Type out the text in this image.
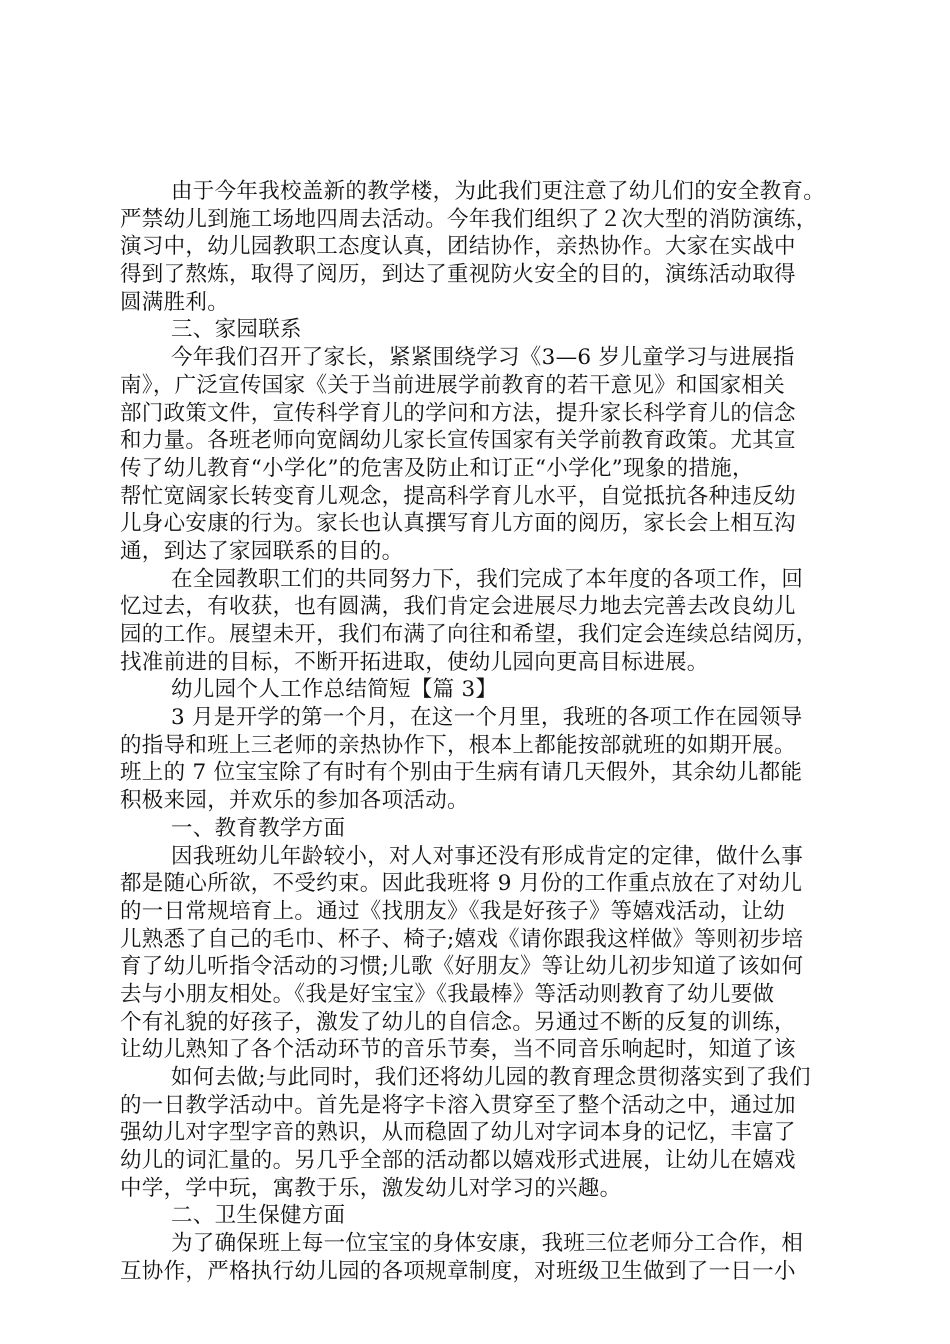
由于今年我校盖新的教学楼，为此我们更注意了幼儿们的安全教育。
严禁幼儿到施工场地四周去活动。今年我们组织了２次大型的消防演练，
演习中，幼儿园教职工态度认真，团结协作，亲热协作。大家在实战中
得到了熬炼，取得了阅历，到达了重视防火安全的目的，演练活动取得
圆满胜利。
三、家园联系
今年我们召开了家长，紧紧围绕学习《3—6 岁儿童学习与进展指
南》，广泛宣传国家《关于当前进展学前教育的若干意见》和国家相关
部门政策文件，宣传科学育儿的学问和方法，提升家长科学育儿的信念
和力量。各班老师向宽阔幼儿家长宣传国家有关学前教育政策。尤其宣
传了幼儿教育“小学化”的危害及防止和订正“小学化”现象的措施，
帮忙宽阔家长转变育儿观念，提高科学育儿水平，自觉抵抗各种违反幼
儿身心安康的行为。家长也认真撰写育儿方面的阅历，家长会上相互沟
通，到达了家园联系的目的。
在全园教职工们的共同努力下，我们完成了本年度的各项工作，回
忆过去，有收获，也有圆满，我们肯定会进展尽力地去完善去改良幼儿
园的工作。展望未开，我们布满了向往和希望，我们定会连续总结阅历，
找准前进的目标，不断开拓进取，使幼儿园向更高目标进展。
幼儿园个人工作总结简短【篇 3】
3 月是开学的第一个月，在这一个月里，我班的各项工作在园领导
的指导和班上三老师的亲热协作下，根本上都能按部就班的如期开展。
班上的 7 位宝宝除了有时有个别由于生病有请几天假外，其余幼儿都能
积极来园，并欢乐的参加各项活动。
一、教育教学方面
因我班幼儿年龄较小，对人对事还没有形成肯定的定律，做什么事
都是随心所欲，不受约束。因此我班将 9 月份的工作重点放在了对幼儿
的一日常规培育上。通过《找朋友》《我是好孩子》等嬉戏活动，让幼
儿熟悉了自己的毛巾、杯子、椅子;嬉戏《请你跟我这样做》等则初步培
育了幼儿听指令活动的习惯;儿歌《好朋友》等让幼儿初步知道了该如何
去与小朋友相处。《我是好宝宝》《我最棒》等活动则教育了幼儿要做
个有礼貌的好孩子，激发了幼儿的自信念。另通过不断的反复的训练，
让幼儿熟知了各个活动环节的音乐节奏，当不同音乐响起时，知道了该
如何去做;与此同时，我们还将幼儿园的教育理念贯彻落实到了我们
的一日教学活动中。首先是将字卡溶入贯穿至了整个活动之中，通过加
强幼儿对字型字音的熟识，从而稳固了幼儿对字词本身的记忆，丰富了
幼儿的词汇量的。另几乎全部的活动都以嬉戏形式进展，让幼儿在嬉戏
中学，学中玩，寓教于乐，激发幼儿对学习的兴趣。
二、卫生保健方面
为了确保班上每一位宝宝的身体安康，我班三位老师分工合作，相
互协作，严格执行幼儿园的各项规章制度，对班级卫生做到了一日一小
